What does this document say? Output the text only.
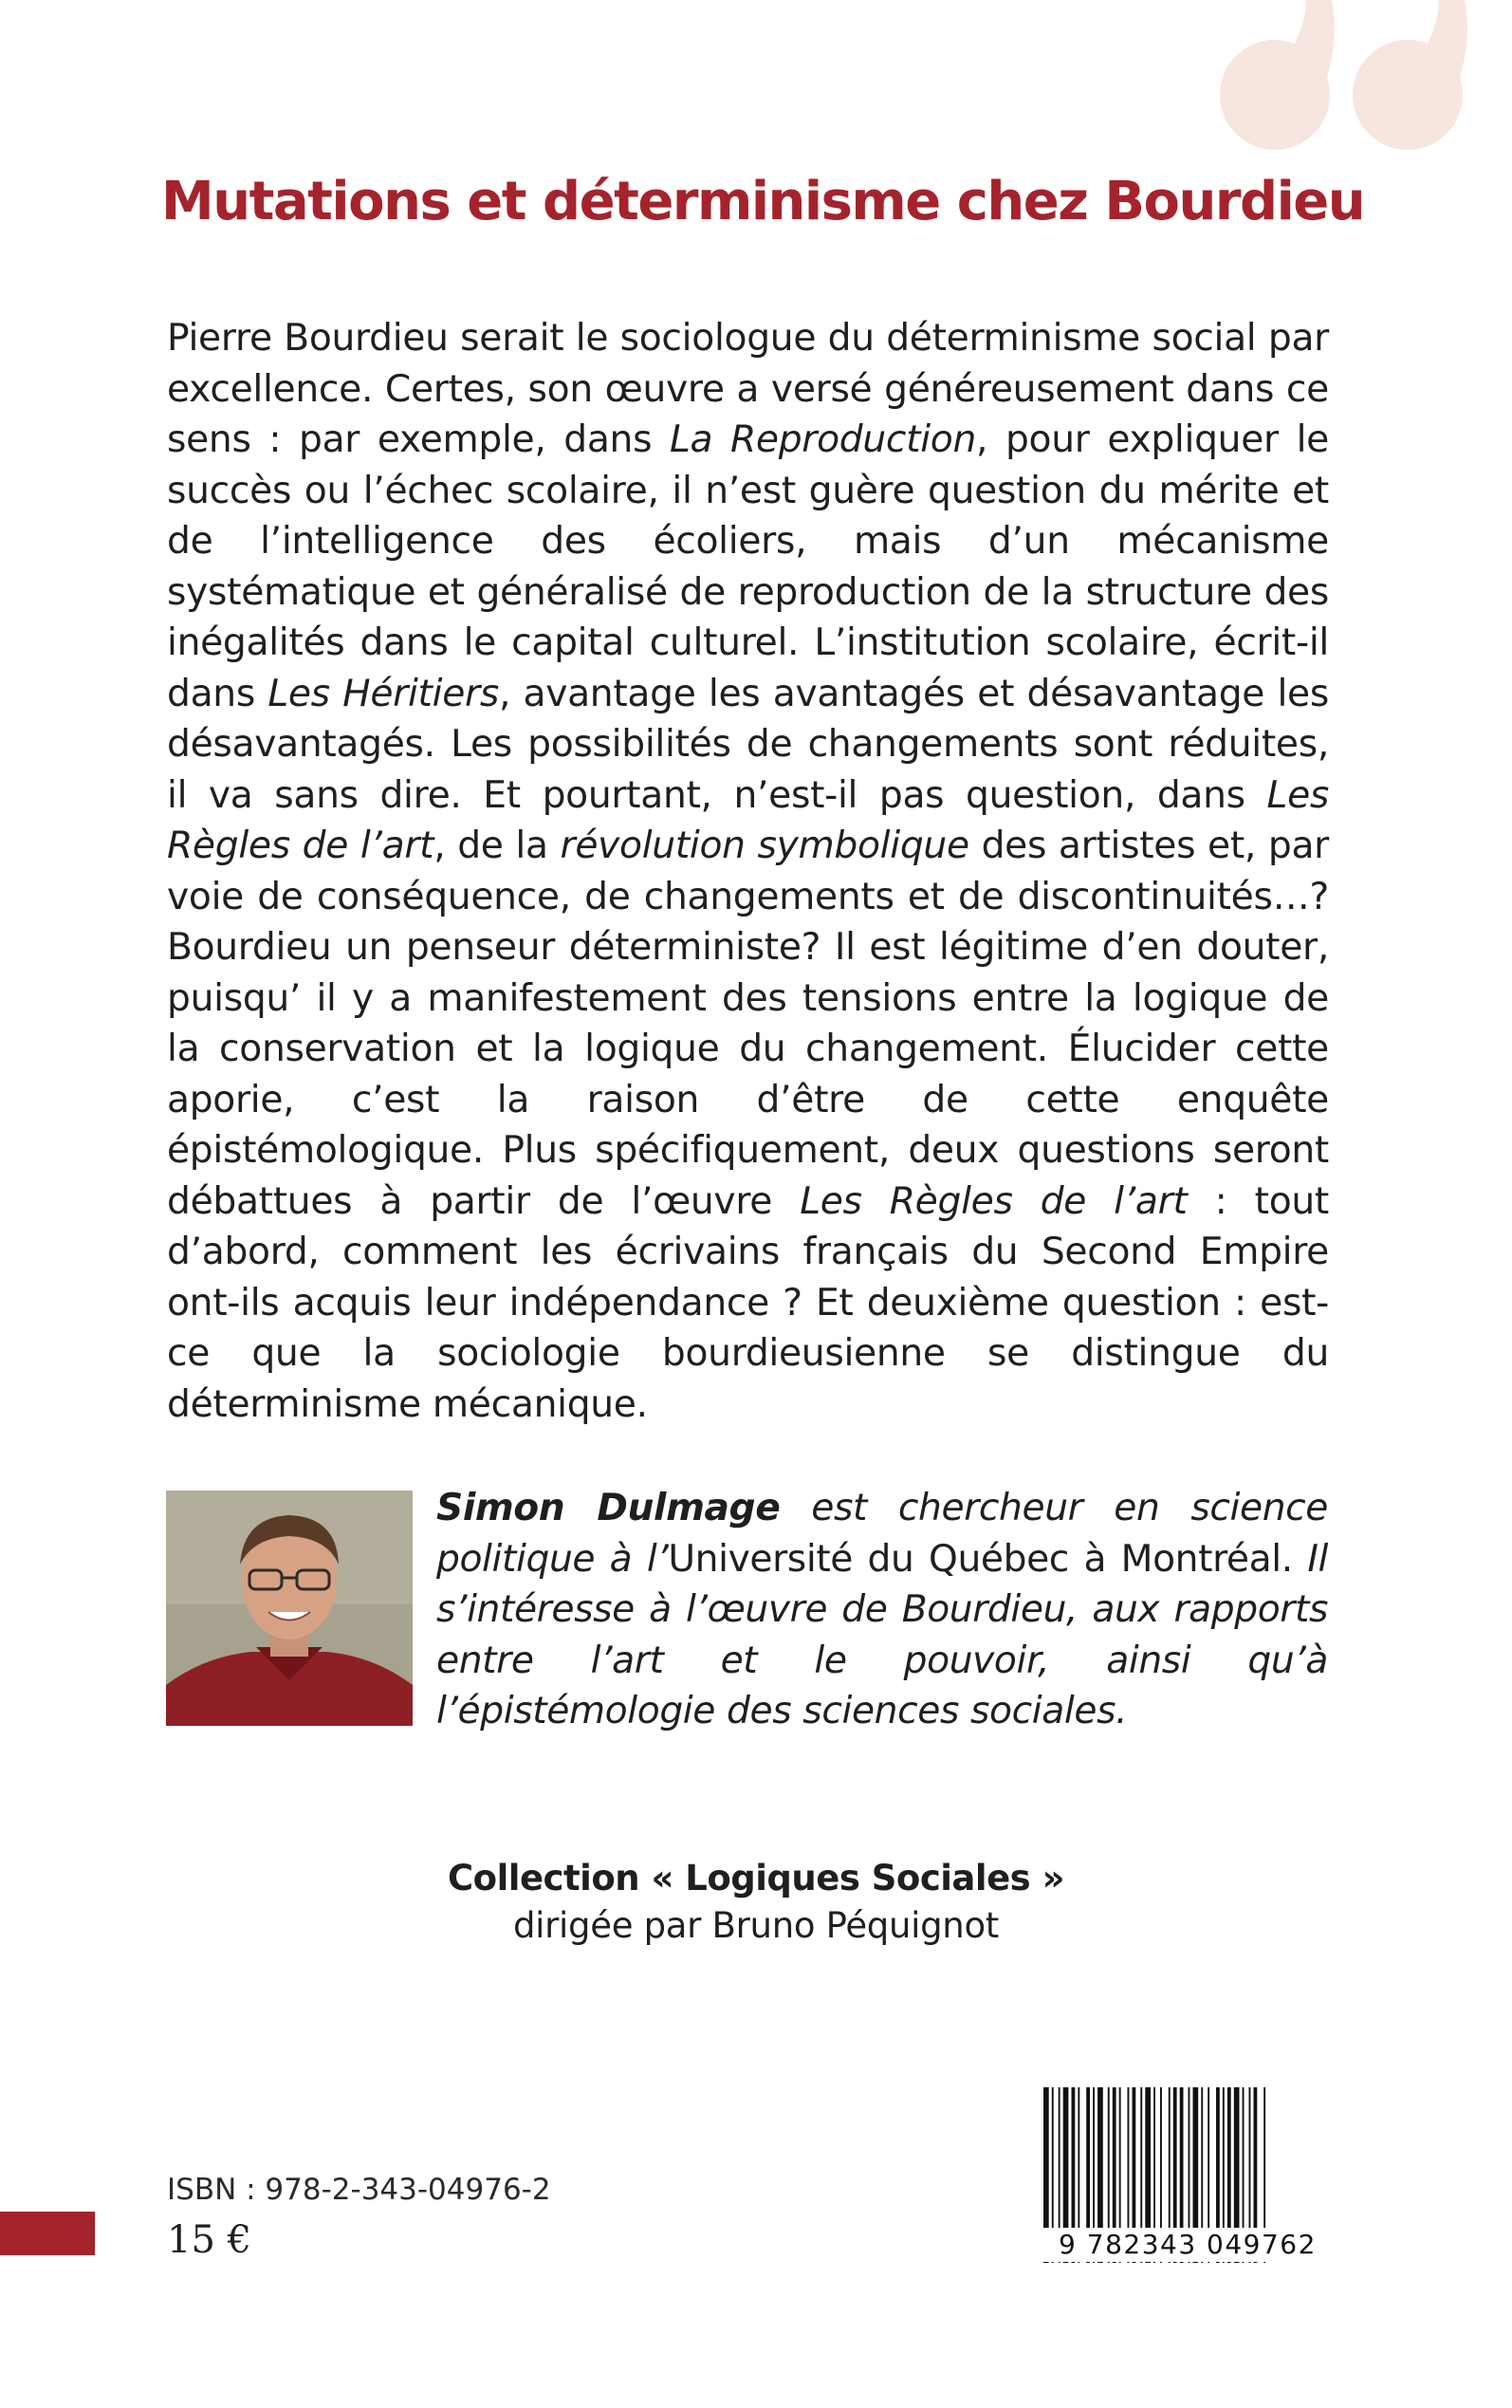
Mutations et déterminisme chez Bourdieu
Pierre Bourdieu serait le sociologue du déterminisme social par excellence. Certes, son œuvre a versé généreusement dans ce sens : par exemple, dans La Reproduction, pour expliquer le succès ou l’échec scolaire, il n’est guère question du mérite et de l’intelligence des écoliers, mais d’un mécanisme systématique et généralisé de reproduction de la structure des inégalités dans le capital culturel. L’institution scolaire, écrit-il dans Les Héritiers, avantage les avantagés et désavantage les désavantagés. Les possibilités de changements sont réduites, il va sans dire. Et pourtant, n’est-il pas question, dans Les Règles de l’art, de la révolution symbolique des artistes et, par voie de conséquence, de changements et de discontinuités…? Bourdieu un penseur déterministe? Il est légitime d’en douter, puisqu’ il y a manifestement des tensions entre la logique de la conservation et la logique du changement. Élucider cette aporie, c’est la raison d’être de cette enquête épistémologique. Plus spécifiquement, deux questions seront débattues à partir de l’œuvre Les Règles de l’art : tout d’abord, comment les écrivains français du Second Empire ont-ils acquis leur indépendance ? Et deuxième question : est-ce que la sociologie bourdieusienne se distingue du déterminisme mécanique.
Simon Dulmage est chercheur en science politique à l’Université du Québec à Montréal. Il s’intéresse à l’œuvre de Bourdieu, aux rapports entre l’art et le pouvoir, ainsi qu’à l’épistémologie des sciences sociales.
Collection « Logiques Sociales »
dirigée par Bruno Péquignot
ISBN : 978-2-343-04976-2
15 €	9 782343 049762
